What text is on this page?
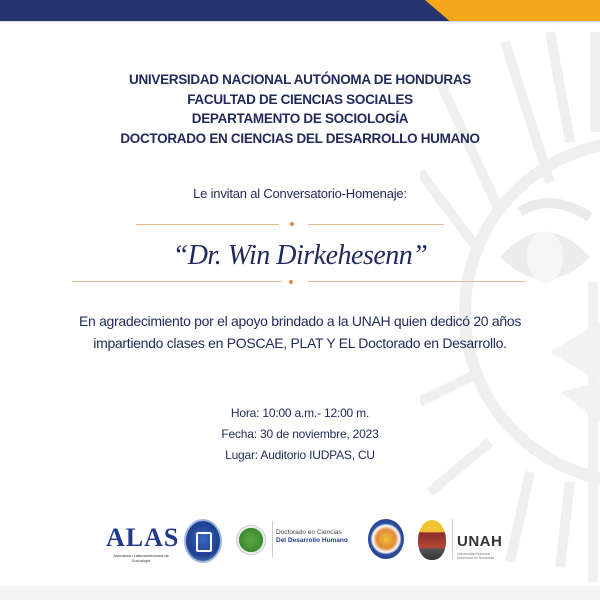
UNIVERSIDAD NACIONAL AUTÓNOMA DE HONDURAS
FACULTAD DE CIENCIAS SOCIALES
DEPARTAMENTO DE SOCIOLOGÍA
DOCTORADO EN CIENCIAS DEL DESARROLLO HUMANO
Le invitan al Conversatorio-Homenaje:
“Dr. Win Dirkehesenn”
En agradecimiento por el apoyo brindado a la UNAH quien dedicó 20 años
impartiendo clases en POSCAE, PLAT Y EL Doctorado en Desarrollo.
Hora: 10:00 a.m.- 12:00 m.
Fecha: 30 de noviembre, 2023
Lugar: Auditorio IUDPAS, CU
ALAS
Asociación Latinoamericana de Sociología
Doctorado en Ciencias
Del Desarrollo Humano	UNAH
Universidad Nacional Autónoma de Honduras
